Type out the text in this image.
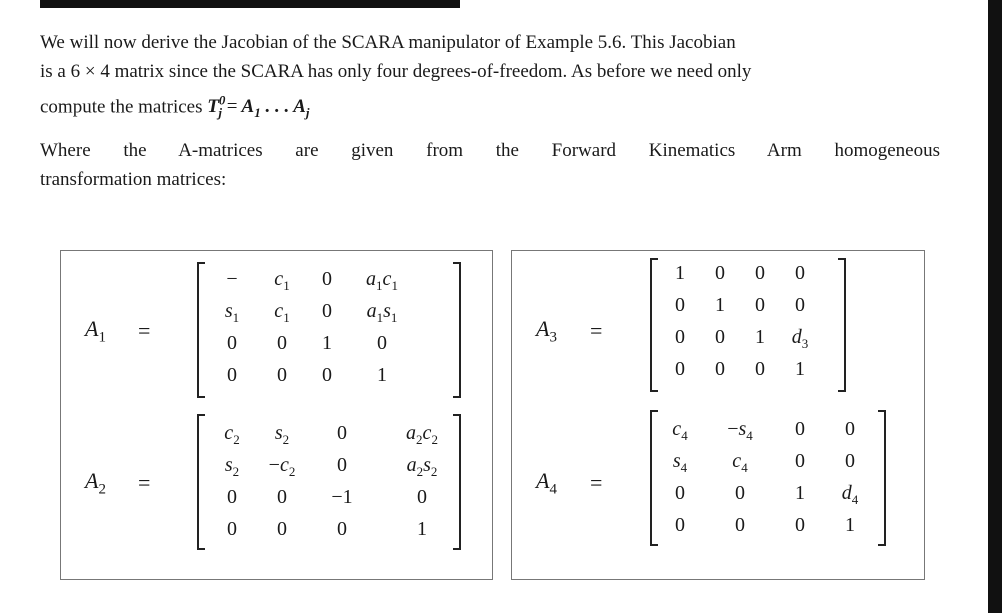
We will now derive the Jacobian of the SCARA manipulator of Example 5.6. This Jacobian
is a 6 × 4 matrix since the SCARA has only four degrees-of-freedom. As before we need only
compute the matrices $T^0_j = A_1$ . . . $A_j$

Where the A-matrices are given from the Forward Kinematics Arm homogeneous
transformation matrices:

$A_1$ =
−	$c_1$	0	$a_1c_1$
$s_1$	$c_1$	0	$a_1s_1$
0	0	1	0
0	0	0	1
$A_2$ =
$c_2$	$s_2$	0	$a_2c_2$
$s_2$	$-c_2$	0	$a_2s_2$
0	0	−1	0
0	0	0	1
$A_3$ =
1	0	0	0
0	1	0	0
0	0	1	$d_3$
0	0	0	1
$A_4$ =
$c_4$	$-s_4$	0	0
$s_4$	$c_4$	0	0
0	0	1	$d_4$
0	0	0	1
